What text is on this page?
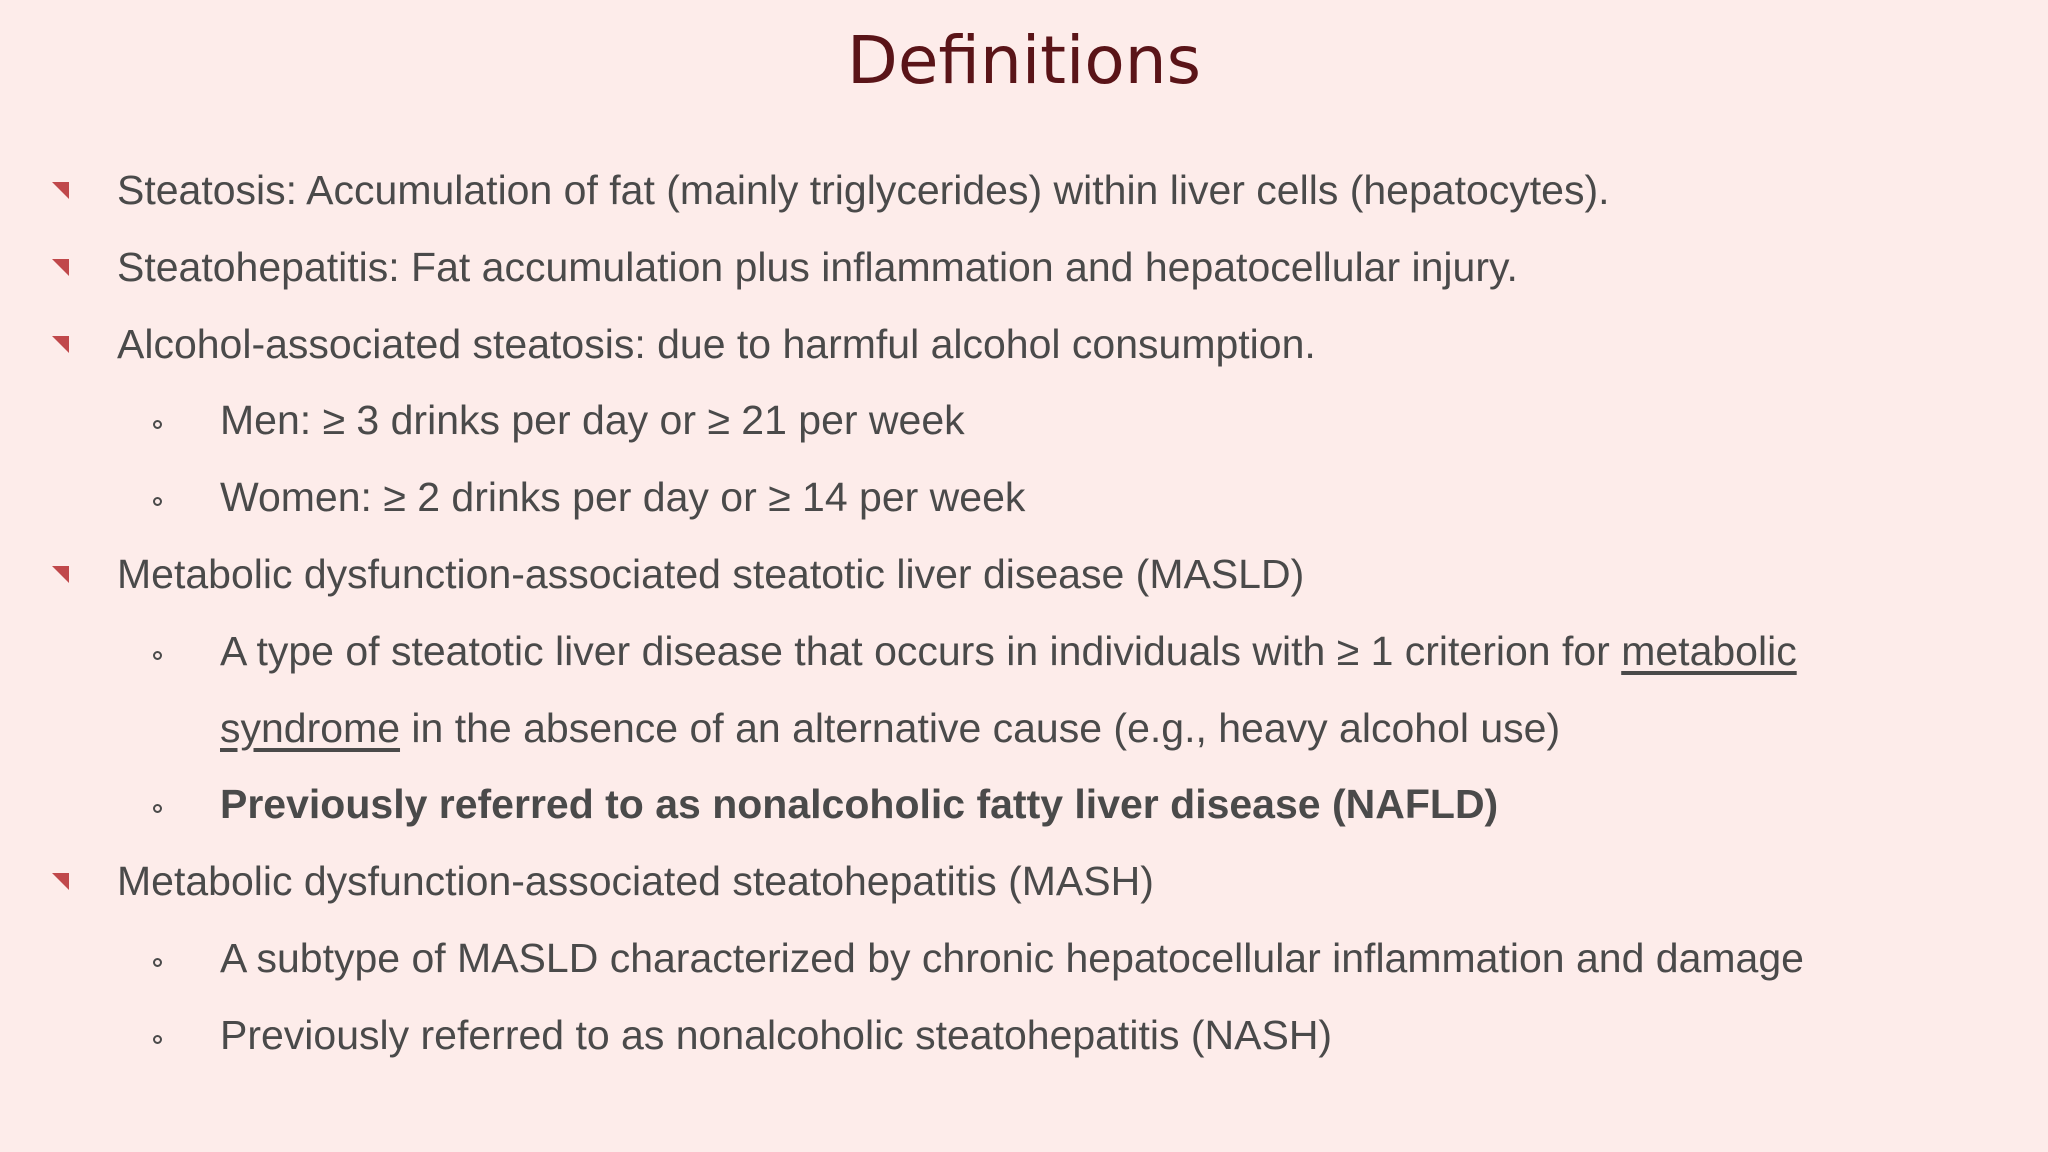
Definitions
Steatosis: Accumulation of fat (mainly triglycerides) within liver cells (hepatocytes).
Steatohepatitis: Fat accumulation plus inflammation and hepatocellular injury.
Alcohol-associated steatosis: due to harmful alcohol consumption.
Men: ≥ 3 drinks per day or ≥ 21 per week
Women: ≥ 2 drinks per day or ≥ 14 per week
Metabolic dysfunction-associated steatotic liver disease (MASLD)
A type of steatotic liver disease that occurs in individuals with ≥ 1 criterion for metabolic
syndrome in the absence of an alternative cause (e.g., heavy alcohol use)
Previously referred to as nonalcoholic fatty liver disease (NAFLD)
Metabolic dysfunction-associated steatohepatitis (MASH)
A subtype of MASLD characterized by chronic hepatocellular inflammation and damage
Previously referred to as nonalcoholic steatohepatitis (NASH)
